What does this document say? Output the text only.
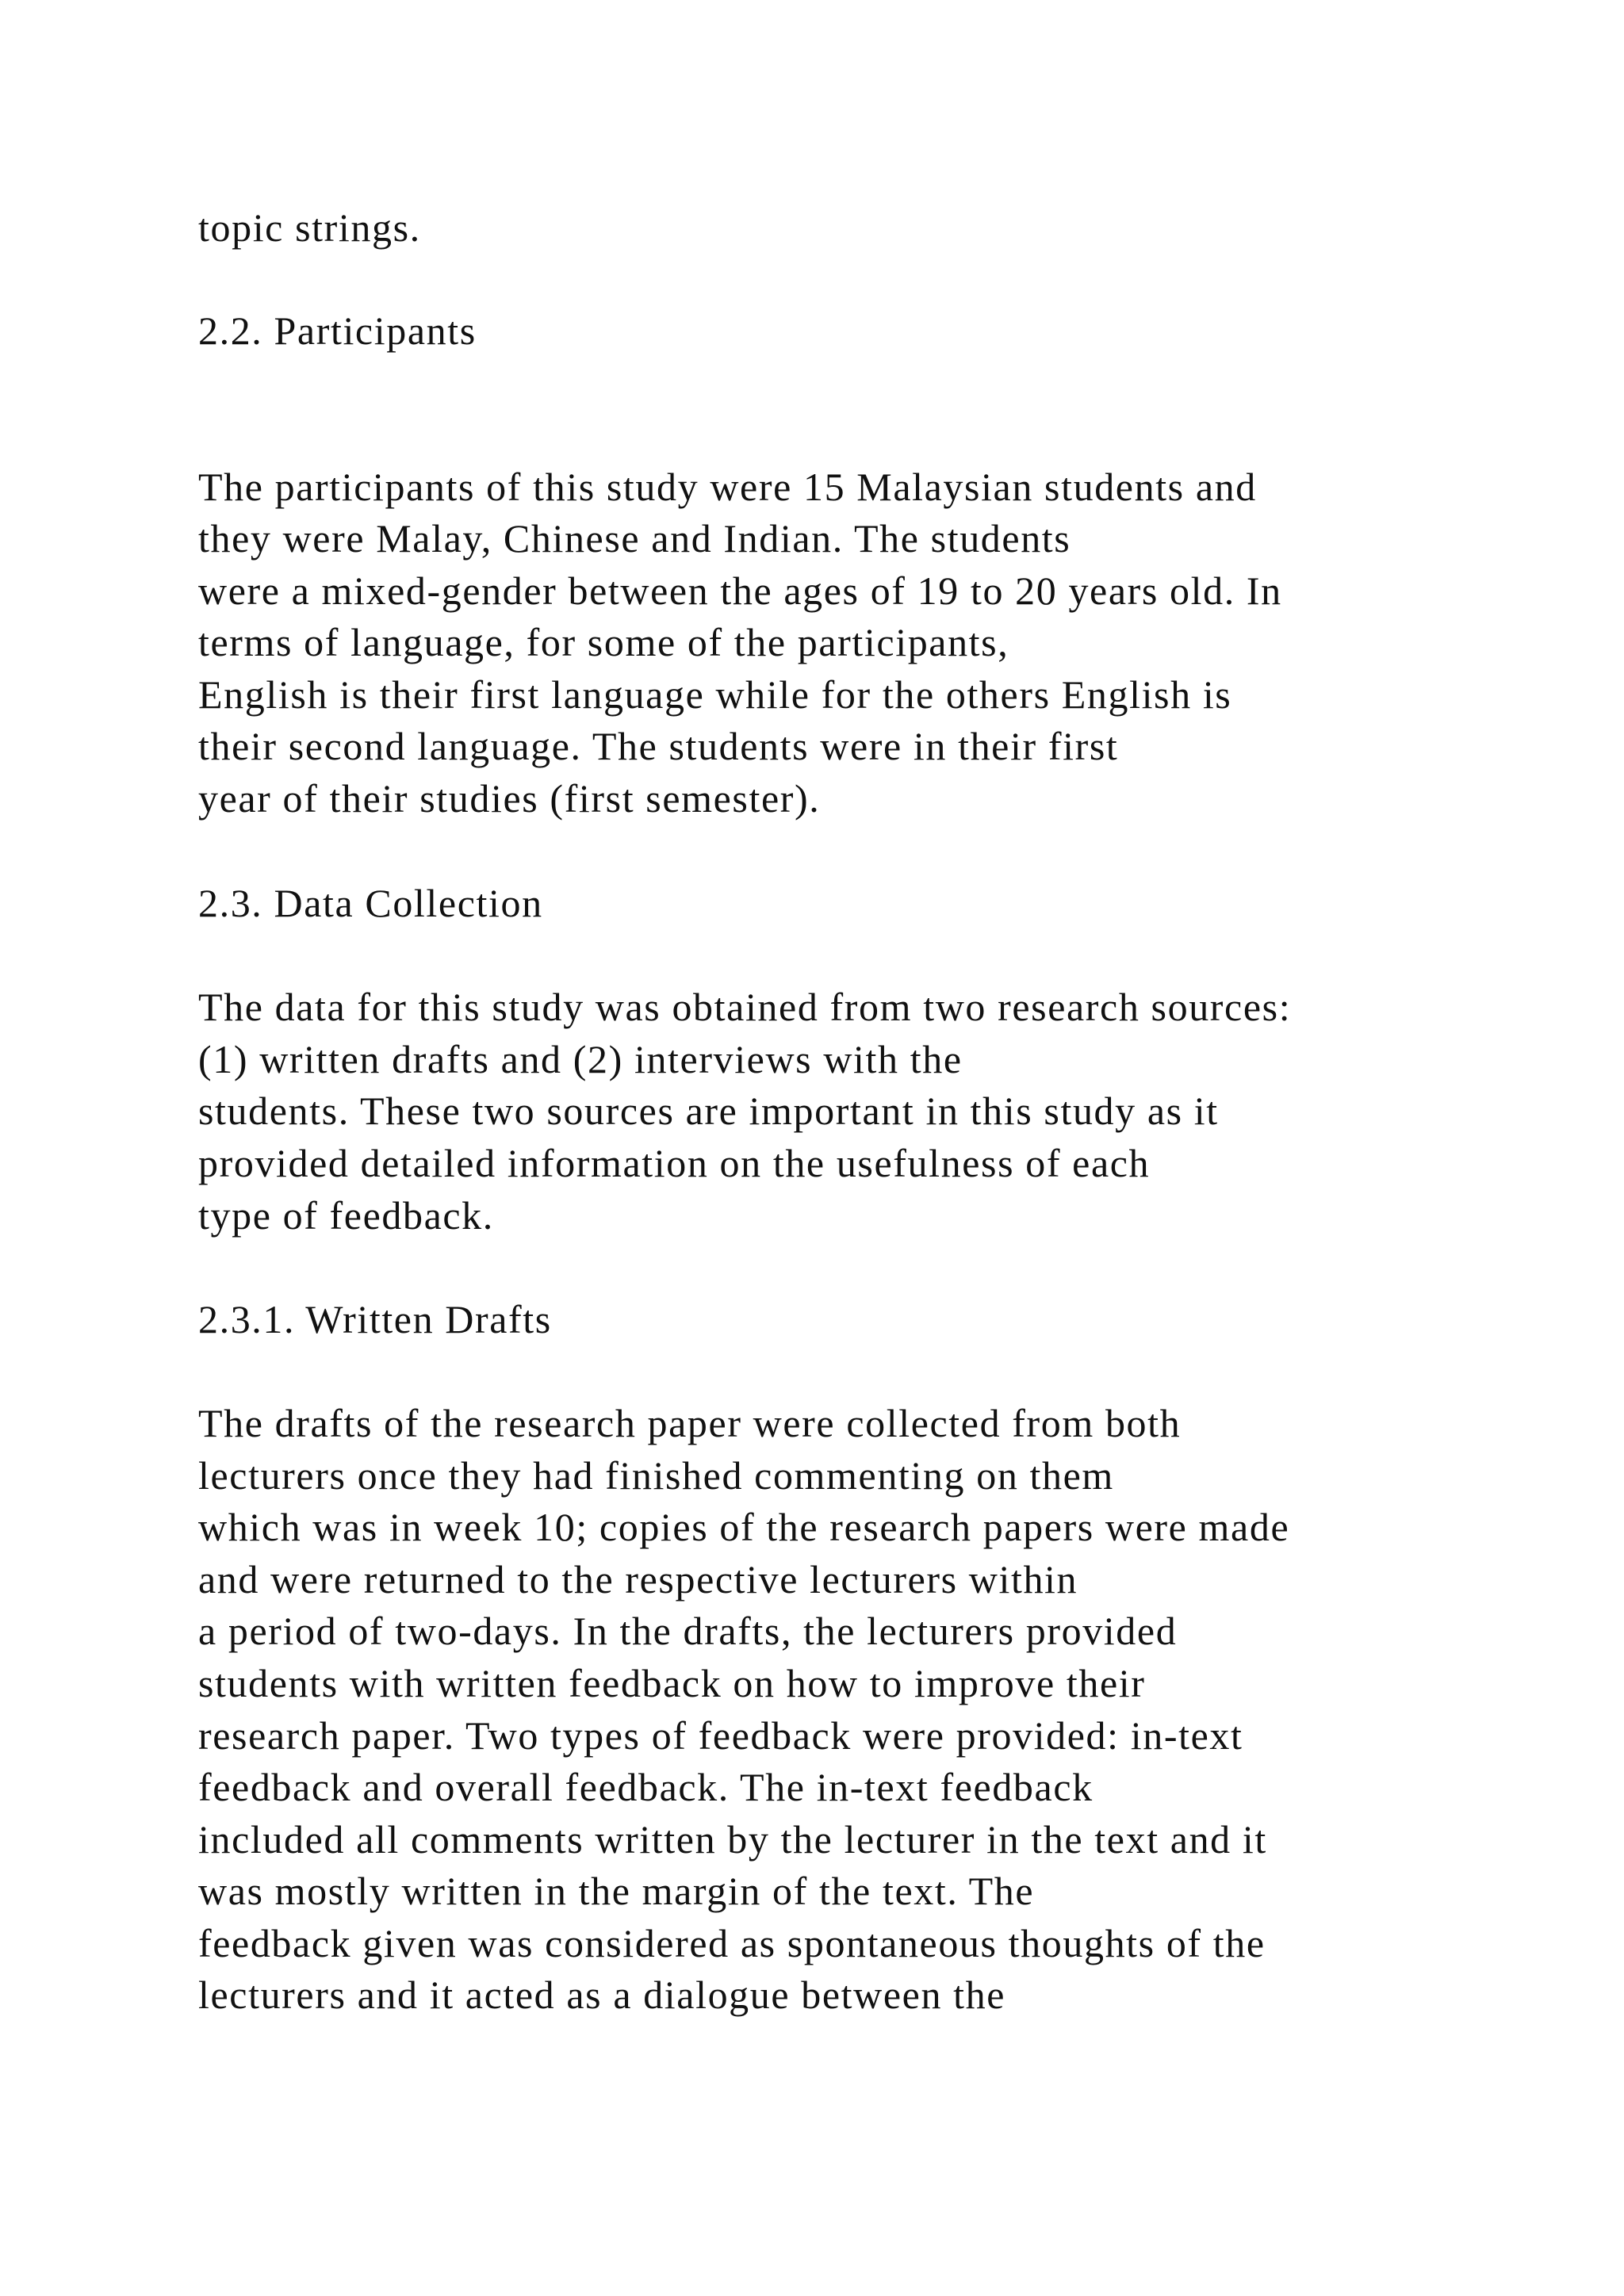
topic strings.

2.2. Participants

The participants of this study were 15 Malaysian students and

they were Malay, Chinese and Indian. The students

were a mixed-gender between the ages of 19 to 20 years old. In

terms of language, for some of the participants,

English is their first language while for the others English is

their second language. The students were in their first

year of their studies (first semester).

2.3. Data Collection

The data for this study was obtained from two research sources:

(1) written drafts and (2) interviews with the

students. These two sources are important in this study as it

provided detailed information on the usefulness of each

type of feedback.

2.3.1. Written Drafts

The drafts of the research paper were collected from both

lecturers once they had finished commenting on them

which was in week 10; copies of the research papers were made

and were returned to the respective lecturers within

a period of two-days. In the drafts, the lecturers provided

students with written feedback on how to improve their

research paper. Two types of feedback were provided: in-text

feedback and overall feedback. The in-text feedback

included all comments written by the lecturer in the text and it

was mostly written in the margin of the text. The

feedback given was considered as spontaneous thoughts of the

lecturers and it acted as a dialogue between the
